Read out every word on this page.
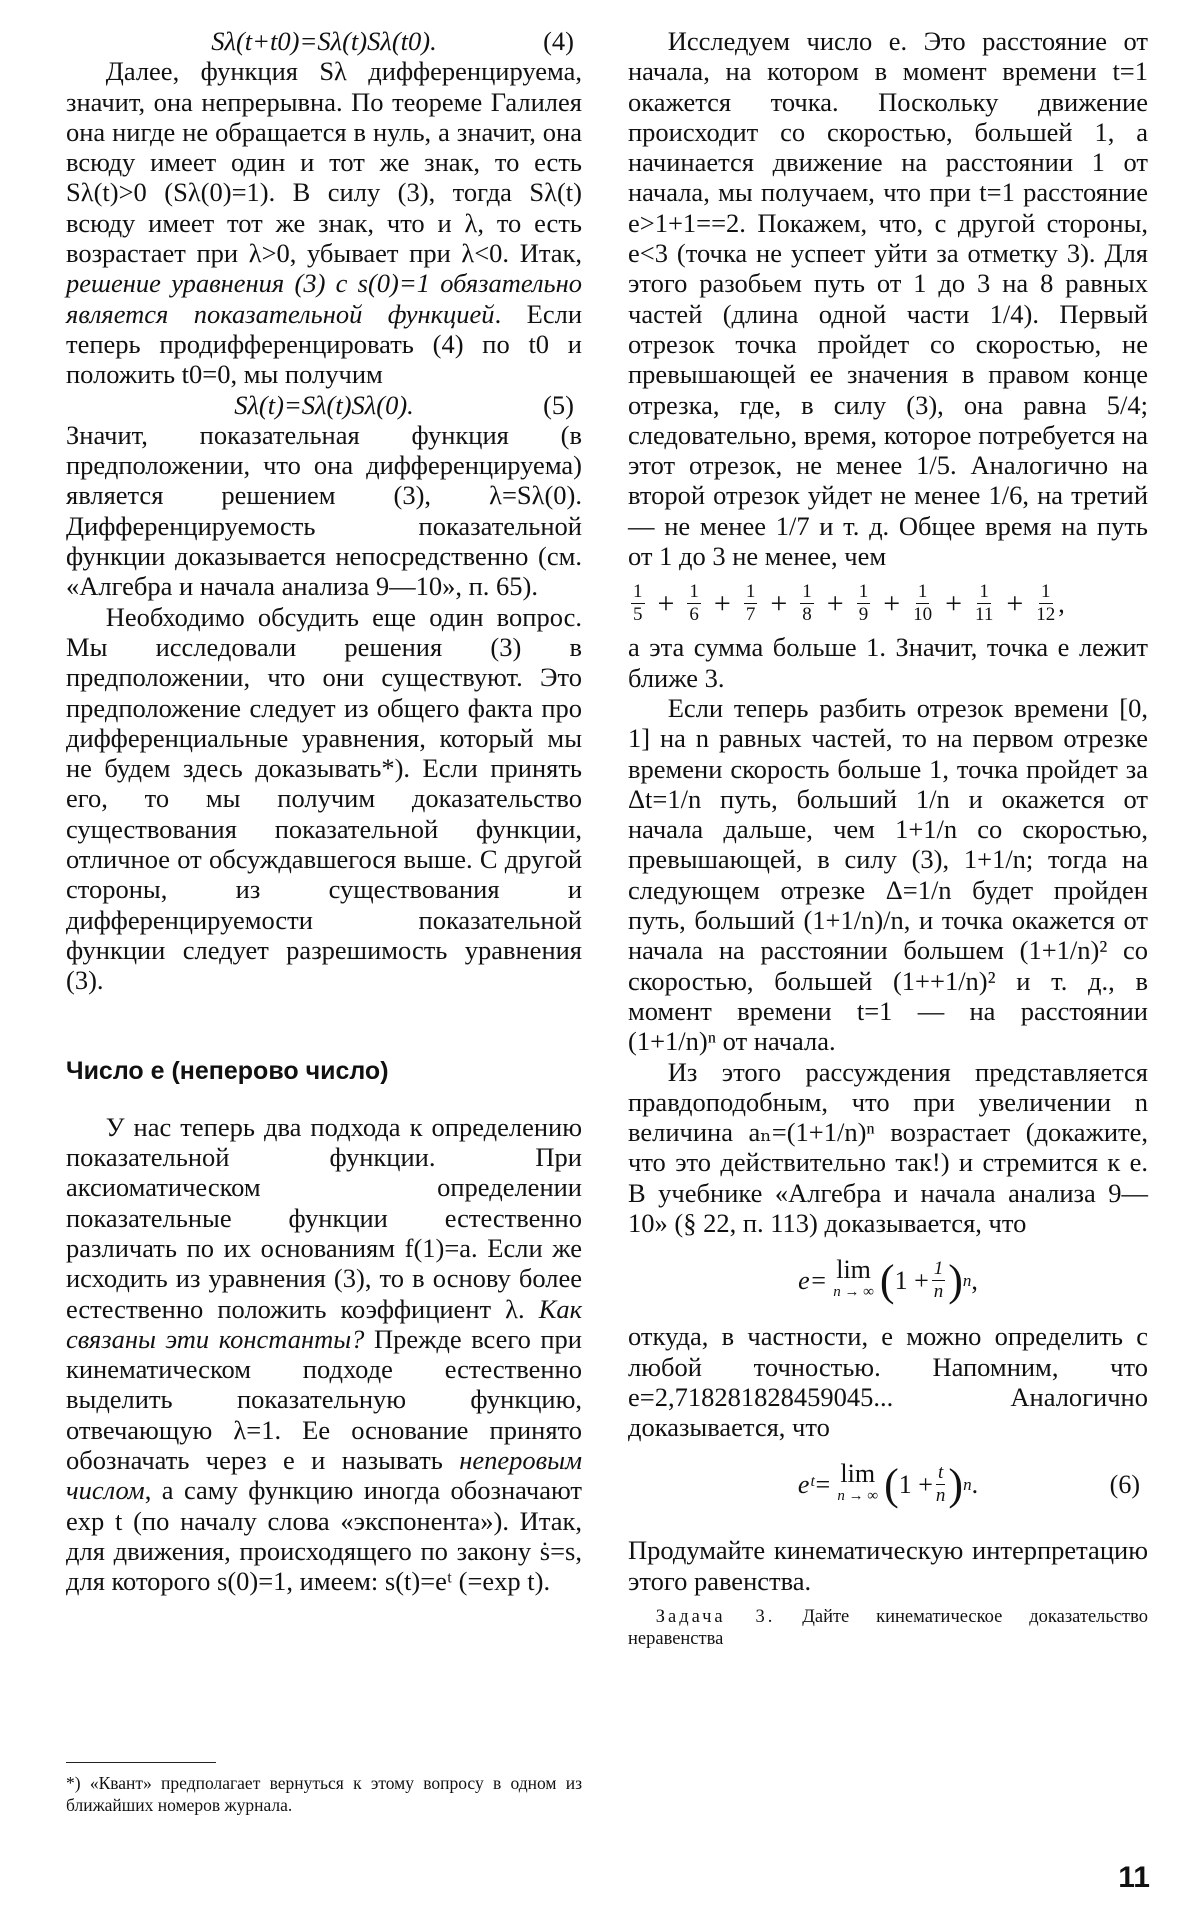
Sλ(t+t0)=Sλ(t)Sλ(t0).	(4)

Далее, функция Sλ дифференцируема, значит, она непрерывна. По теореме Галилея она нигде не обращается в нуль, а значит, она всюду имеет один и тот же знак, то есть Sλ(t)>0 (Sλ(0)=1). В силу (3), тогда Sλ(t) всюду имеет тот же знак, что и λ, то есть возрастает при λ>0, убывает при λ<0. Итак, решение уравнения (3) с s(0)=1 обязательно является показательной функцией. Если теперь продифференцировать (4) по t0 и положить t0=0, мы получим

Sλ(t)=Sλ(t)Sλ(0).	(5)

Значит, показательная функция (в предположении, что она дифференцируема) является решением (3), λ=Sλ(0). Дифференцируемость показательной функции доказывается непосредственно (см. «Алгебра и начала анализа 9—10», п. 65).

Необходимо обсудить еще один вопрос. Мы исследовали решения (3) в предположении, что они существуют. Это предположение следует из общего факта про дифференциальные уравнения, который мы не будем здесь доказывать*). Если принять его, то мы получим доказательство существования показательной функции, отличное от обсуждавшегося выше. С другой стороны, из существования и дифференцируемости показательной функции следует разрешимость уравнения (3).

Число e (неперово число)

У нас теперь два подхода к определению показательной функции. При аксиоматическом определении показательные функции естественно различать по их основаниям f(1)=a. Если же исходить из уравнения (3), то в основу более естественно положить коэффициент λ. Как связаны эти константы? Прежде всего при кинематическом подходе естественно выделить показательную функцию, отвечающую λ=1. Ее основание принято обозначать через e и называть неперовым числом, а саму функцию иногда обозначают exp t (по началу слова «экспонента»). Итак, для движения, происходящего по закону ṡ=s, для которого s(0)=1, имеем: s(t)=eᵗ (=exp t).

*) «Квант» предполагает вернуться к этому вопросу в одном из ближайших номеров журнала.

Исследуем число e. Это расстояние от начала, на котором в момент времени t=1 окажется точка. Поскольку движение происходит со скоростью, большей 1, а начинается движение на расстоянии 1 от начала, мы получаем, что при t=1 расстояние e>1+1==2. Покажем, что, с другой стороны, e<3 (точка не успеет уйти за отметку 3). Для этого разобьем путь от 1 до 3 на 8 равных частей (длина одной части 1/4). Первый отрезок точка пройдет со скоростью, не превышающей ее значения в правом конце отрезка, где, в силу (3), она равна 5/4; следовательно, время, которое потребуется на этот отрезок, не менее 1/5. Аналогично на второй отрезок уйдет не менее 1/6, на третий — не менее 1/7 и т. д. Общее время на путь от 1 до 3 не менее, чем

$\frac{1}{5} + \frac{1}{6} + \frac{1}{7} + \frac{1}{8} + \frac{1}{9} + \frac{1}{10} + \frac{1}{11} + \frac{1}{12}$ ,

а эта сумма больше 1. Значит, точка e лежит ближе 3.

Если теперь разбить отрезок времени [0, 1] на n равных частей, то на первом отрезке времени скорость больше 1, точка пройдет за Δt=1/n путь, больший 1/n и окажется от начала дальше, чем 1+1/n со скоростью, превышающей, в силу (3), 1+1/n; тогда на следующем отрезке Δ=1/n будет пройден путь, больший (1+1/n)/n, и точка окажется от начала на расстоянии большем (1+1/n)² со скоростью, большей (1++1/n)² и т. д., в момент времени t=1 — на расстоянии (1+1/n)ⁿ от начала.

Из этого рассуждения представляется правдоподобным, что при увеличении n величина aₙ=(1+1/n)ⁿ возрастает (докажите, что это действительно так!) и стремится к e. В учебнике «Алгебра и начала анализа 9—10» (§ 22, п. 113) доказывается, что

e= lim
n → ∞ ( $1 + \frac{1}{n}$ ) n ,

откуда, в частности, e можно определить с любой точностью. Напомним, что e=2,718281828459045... Аналогично доказывается, что

eᵗ= lim
n → ∞ ( $1 + \frac{t}{n}$ ) n .	(6)

Продумайте кинематическую интерпретацию этого равенства.

Задача 3. Дайте кинематическое доказательство неравенства

11
